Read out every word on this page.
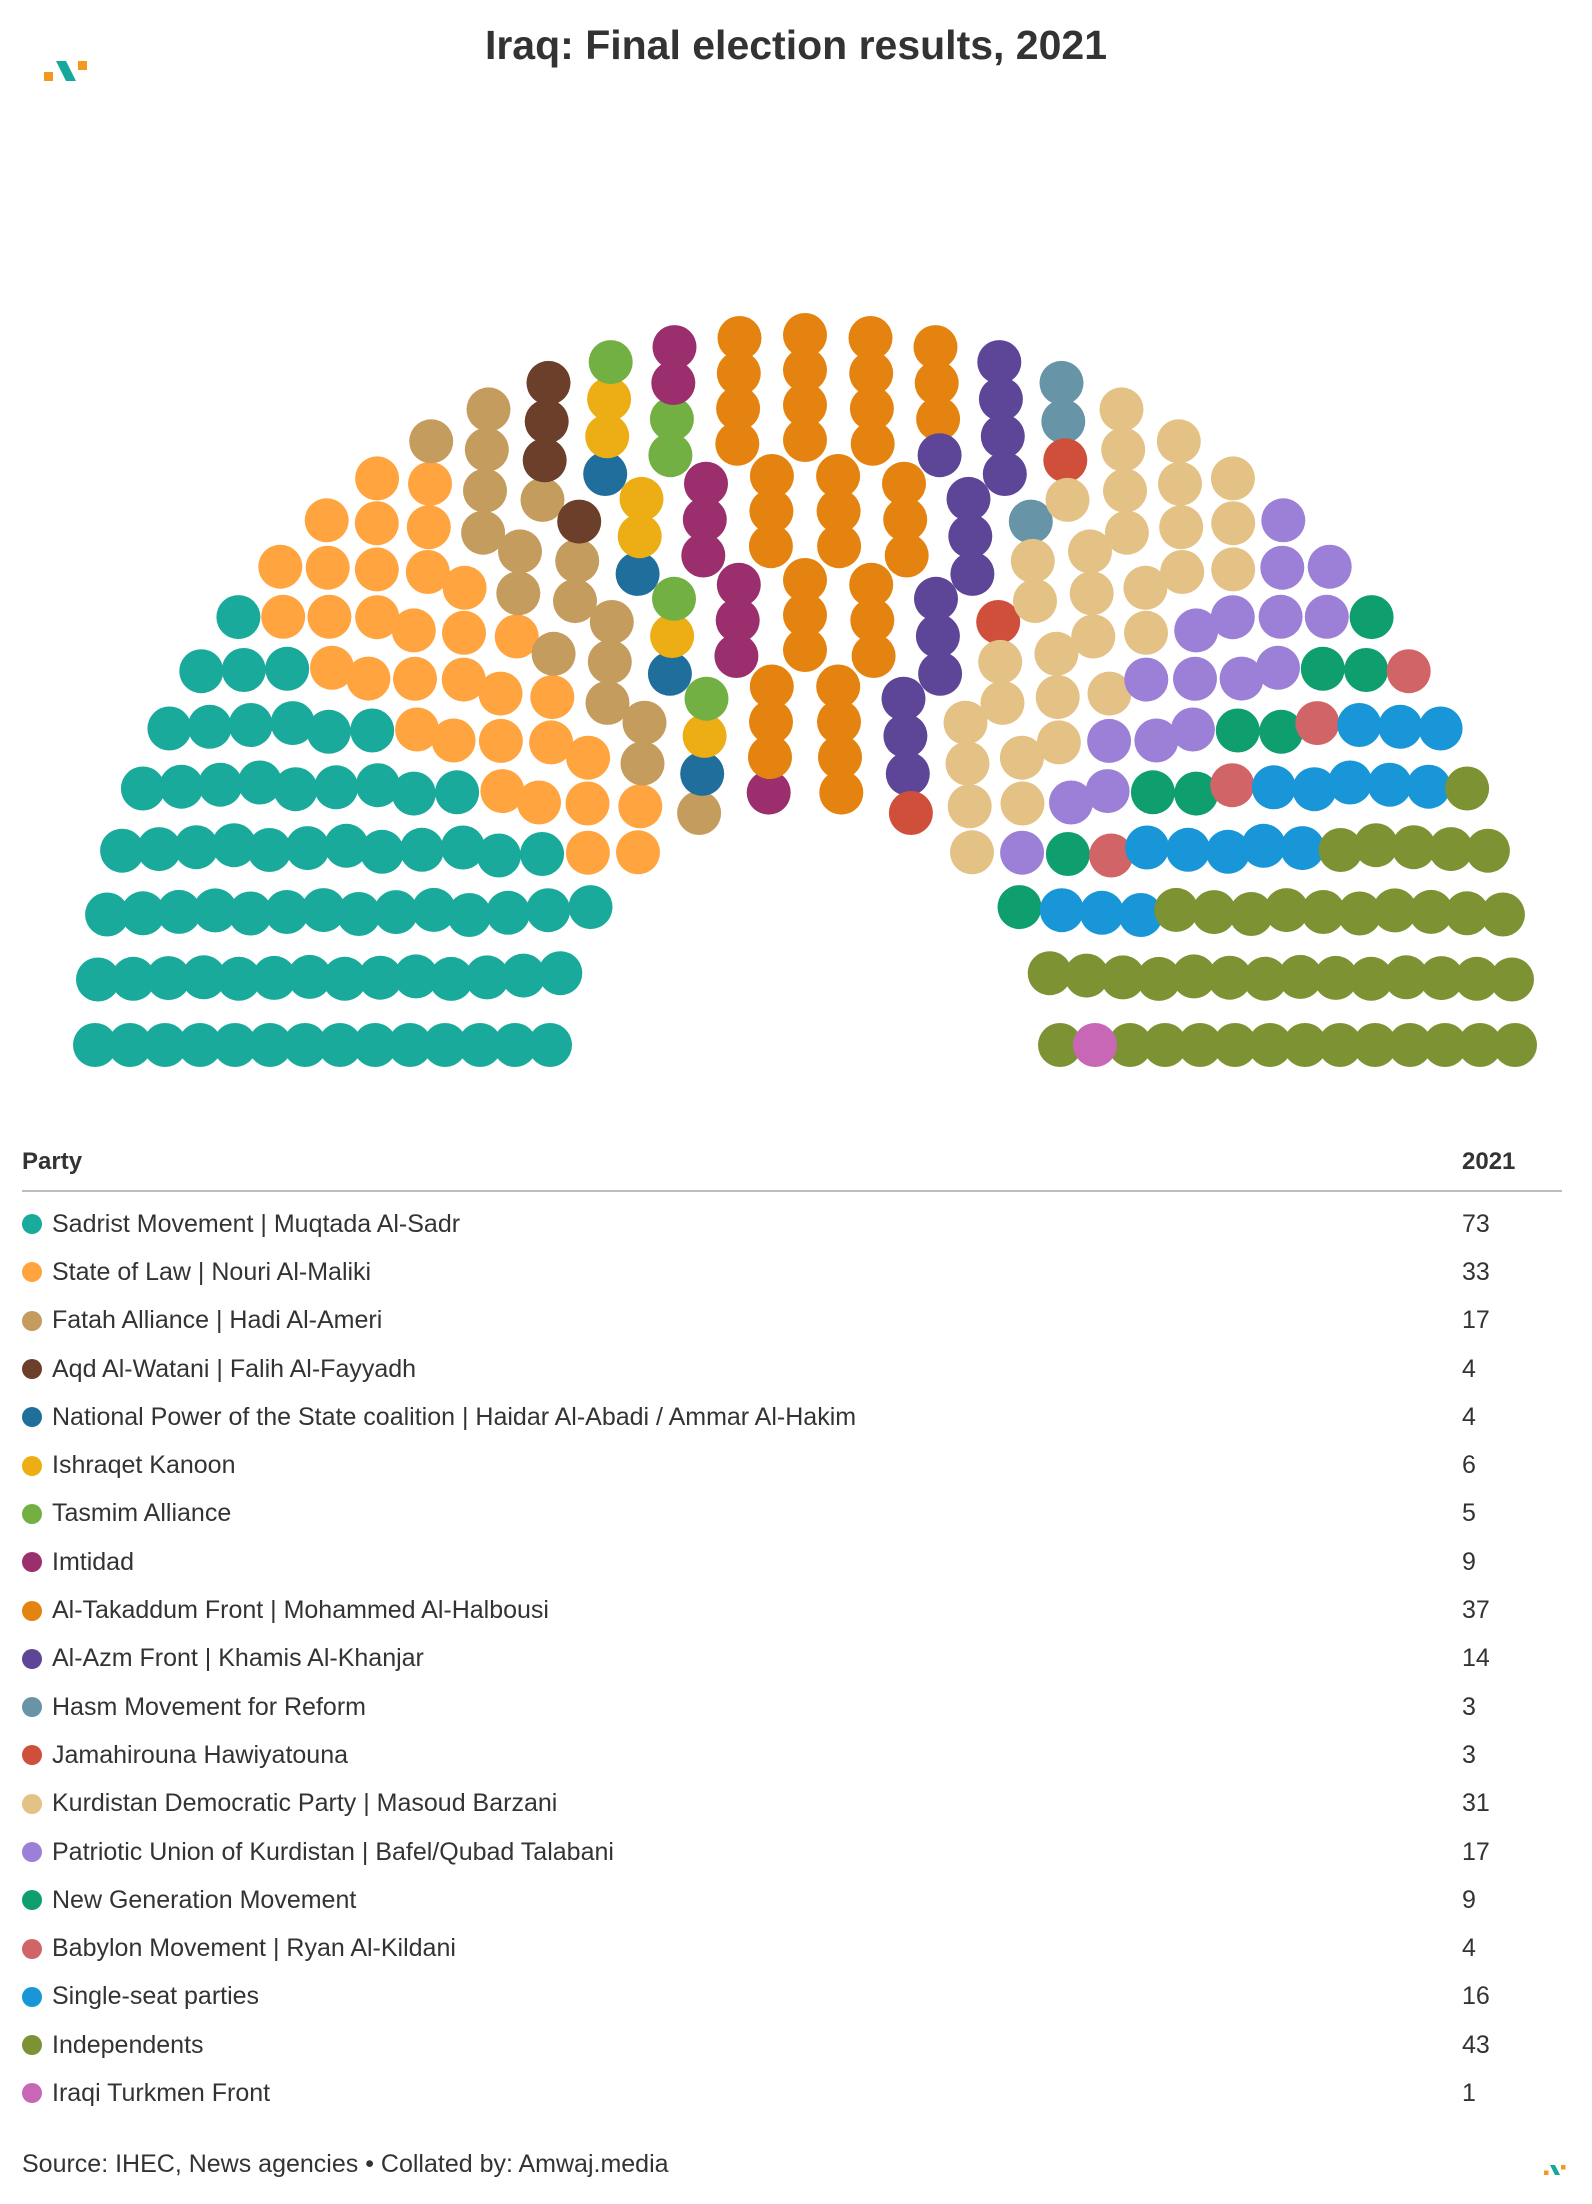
Iraq: Final election results, 2021
Party	2021
Sadrist Movement | Muqtada Al-Sadr	73
State of Law | Nouri Al-Maliki	33
Fatah Alliance | Hadi Al-Ameri	17
Aqd Al-Watani | Falih Al-Fayyadh	4
National Power of the State coalition | Haidar Al-Abadi / Ammar Al-Hakim	4
Ishraqet Kanoon	6
Tasmim Alliance	5
Imtidad	9
Al-Takaddum Front | Mohammed Al-Halbousi	37
Al-Azm Front | Khamis Al-Khanjar	14
Hasm Movement for Reform	3
Jamahirouna Hawiyatouna	3
Kurdistan Democratic Party | Masoud Barzani	31
Patriotic Union of Kurdistan | Bafel/Qubad Talabani	17
New Generation Movement	9
Babylon Movement | Ryan Al-Kildani	4
Single-seat parties	16
Independents	43
Iraqi Turkmen Front	1
Source: IHEC, News agencies • Collated by: Amwaj.media
